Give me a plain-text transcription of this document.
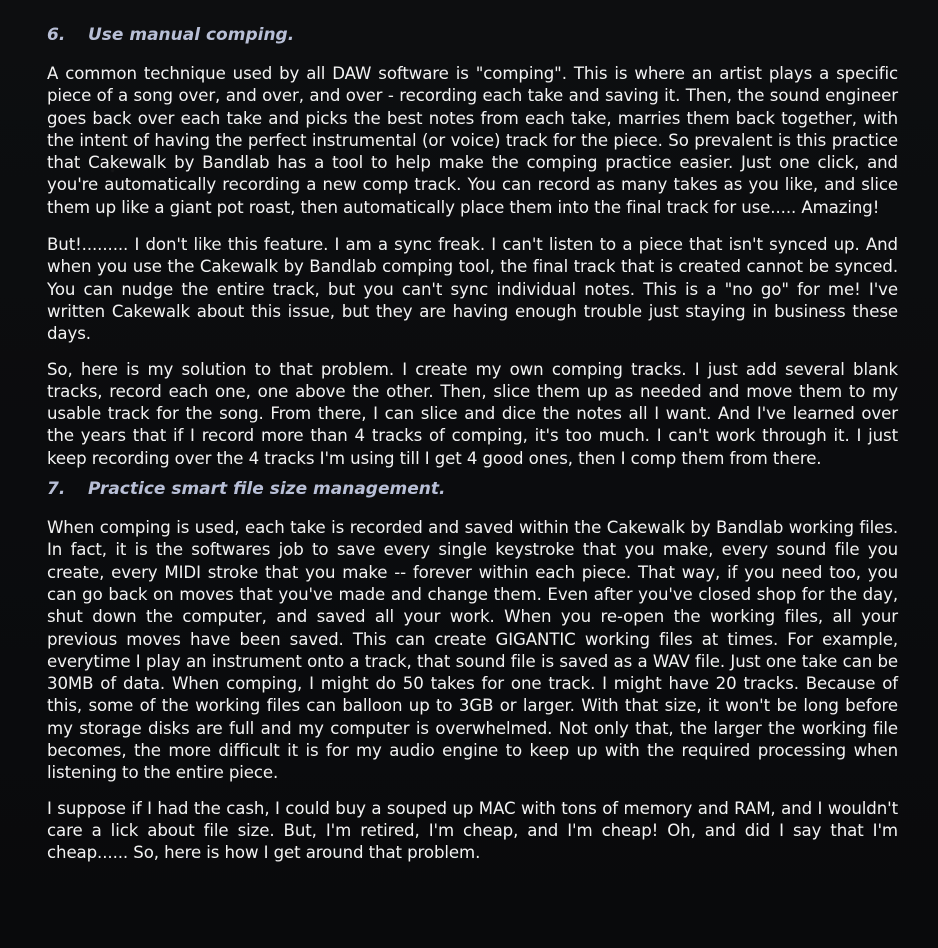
6. Use manual comping.

A common technique used by all DAW software is "comping". This is where an artist plays a specific piece of a song over, and over, and over - recording each take and saving it. Then, the sound engineer goes back over each take and picks the best notes from each take, marries them back together, with the intent of having the perfect instrumental (or voice) track for the piece. So prevalent is this practice that Cakewalk by Bandlab has a tool to help make the comping practice easier. Just one click, and you're automatically recording a new comp track. You can record as many takes as you like, and slice them up like a giant pot roast, then automatically place them into the final track for use..... Amazing!

But!......... I don't like this feature. I am a sync freak. I can't listen to a piece that isn't synced up. And when you use the Cakewalk by Bandlab comping tool, the final track that is created cannot be synced. You can nudge the entire track, but you can't sync individual notes. This is a "no go" for me! I've written Cakewalk about this issue, but they are having enough trouble just staying in business these days.

So, here is my solution to that problem. I create my own comping tracks. I just add several blank tracks, record each one, one above the other. Then, slice them up as needed and move them to my usable track for the song. From there, I can slice and dice the notes all I want. And I've learned over the years that if I record more than 4 tracks of comping, it's too much. I can't work through it. I just keep recording over the 4 tracks I'm using till I get 4 good ones, then I comp them from there.

7. Practice smart file size management.

When comping is used, each take is recorded and saved within the Cakewalk by Bandlab working files. In fact, it is the softwares job to save every single keystroke that you make, every sound file you create, every MIDI stroke that you make -- forever within each piece. That way, if you need too, you can go back on moves that you've made and change them. Even after you've closed shop for the day, shut down the computer, and saved all your work. When you re-open the working files, all your previous moves have been saved. This can create GIGANTIC working files at times. For example, everytime I play an instrument onto a track, that sound file is saved as a WAV file. Just one take can be 30MB of data. When comping, I might do 50 takes for one track. I might have 20 tracks. Because of this, some of the working files can balloon up to 3GB or larger. With that size, it won't be long before my storage disks are full and my computer is overwhelmed. Not only that, the larger the working file becomes, the more difficult it is for my audio engine to keep up with the required processing when listening to the entire piece.

I suppose if I had the cash, I could buy a souped up MAC with tons of memory and RAM, and I wouldn't care a lick about file size. But, I'm retired, I'm cheap, and I'm cheap! Oh, and did I say that I'm cheap...... So, here is how I get around that problem.
